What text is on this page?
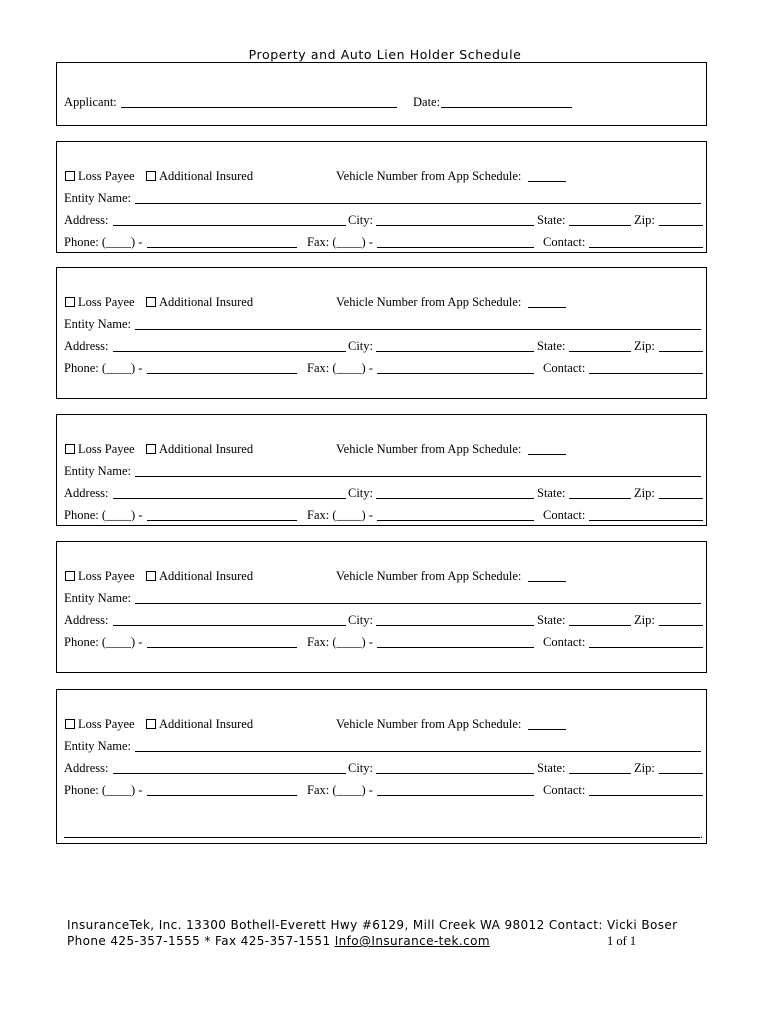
Property and Auto Lien Holder Schedule
Applicant:	Date:
Loss Payee Additional Insured	Vehicle Number from App Schedule:
Entity Name:
Address:	City:	State:	Zip:
Phone: (____) -	Fax: (____) -	Contact:
Loss Payee Additional Insured	Vehicle Number from App Schedule:
Entity Name:
Address:	City:	State:	Zip:
Phone: (____) -	Fax: (____) -	Contact:
Loss Payee Additional Insured	Vehicle Number from App Schedule:
Entity Name:
Address:	City:	State:	Zip:
Phone: (____) -	Fax: (____) -	Contact:
Loss Payee Additional Insured	Vehicle Number from App Schedule:
Entity Name:
Address:	City:	State:	Zip:
Phone: (____) -	Fax: (____) -	Contact:
Loss Payee Additional Insured	Vehicle Number from App Schedule:
Entity Name:
Address:	City:	State:	Zip:
Phone: (____) -	Fax: (____) -	Contact:
.
InsuranceTek, Inc. 13300 Bothell-Everett Hwy #6129, Mill Creek WA 98012 Contact: Vicki Boser
Phone 425-357-1555 * Fax 425-357-1551 Info@Insurance-tek.com	1 of 1
